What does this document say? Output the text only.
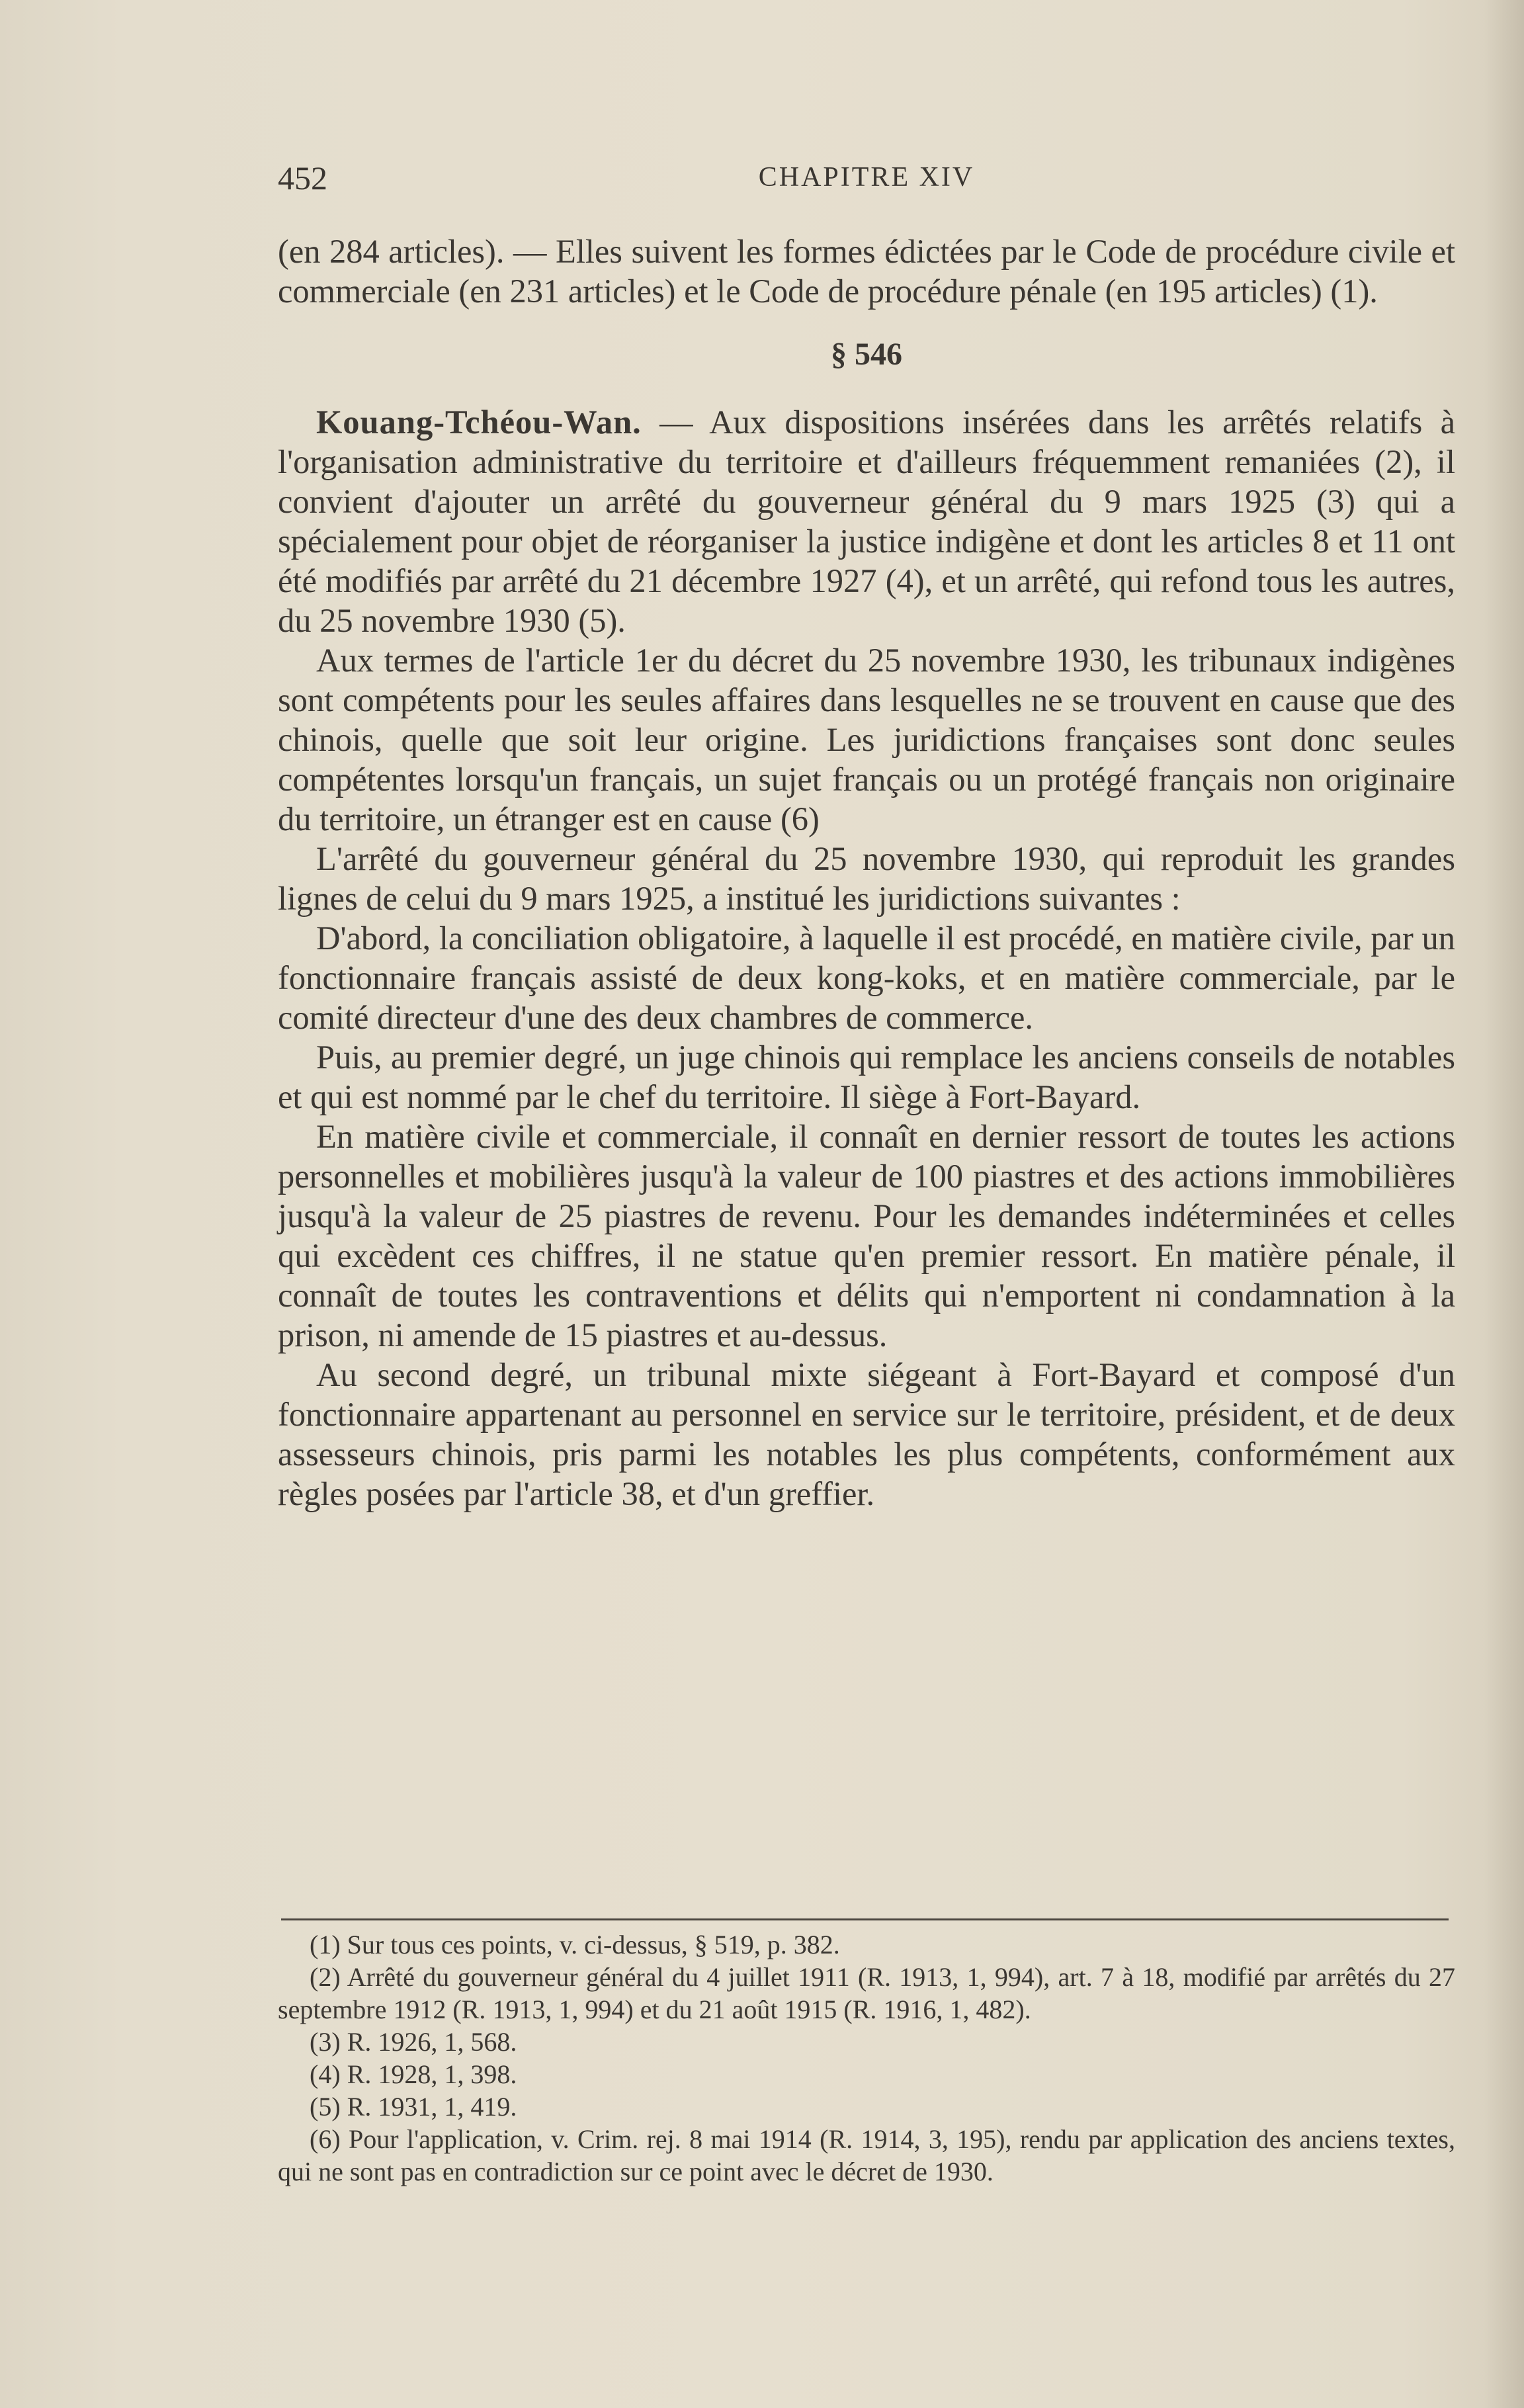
452	CHAPITRE XIV

(en 284 articles). — Elles suivent les formes édictées par le Code de procédure civile et commerciale (en 231 articles) et le Code de procédure pénale (en 195 articles) (1).

§ 546

Kouang-Tchéou-Wan. — Aux dispositions insérées dans les arrêtés relatifs à l'organisation administrative du territoire et d'ailleurs fréquemment remaniées (2), il convient d'ajouter un arrêté du gouverneur général du 9 mars 1925 (3) qui a spécialement pour objet de réorganiser la justice indigène et dont les articles 8 et 11 ont été modifiés par arrêté du 21 décembre 1927 (4), et un arrêté, qui refond tous les autres, du 25 novembre 1930 (5).

Aux termes de l'article 1er du décret du 25 novembre 1930, les tribunaux indigènes sont compétents pour les seules affaires dans lesquelles ne se trouvent en cause que des chinois, quelle que soit leur origine. Les juridictions françaises sont donc seules compétentes lorsqu'un français, un sujet français ou un protégé français non originaire du territoire, un étranger est en cause (6)

L'arrêté du gouverneur général du 25 novembre 1930, qui reproduit les grandes lignes de celui du 9 mars 1925, a institué les juridictions suivantes :

D'abord, la conciliation obligatoire, à laquelle il est procédé, en matière civile, par un fonctionnaire français assisté de deux kong-koks, et en matière commerciale, par le comité directeur d'une des deux chambres de commerce.

Puis, au premier degré, un juge chinois qui remplace les anciens conseils de notables et qui est nommé par le chef du territoire. Il siège à Fort-Bayard.

En matière civile et commerciale, il connaît en dernier ressort de toutes les actions personnelles et mobilières jusqu'à la valeur de 100 piastres et des actions immobilières jusqu'à la valeur de 25 piastres de revenu. Pour les demandes indéterminées et celles qui excèdent ces chiffres, il ne statue qu'en premier ressort. En matière pénale, il connaît de toutes les contraventions et délits qui n'emportent ni condamnation à la prison, ni amende de 15 piastres et au-dessus.

Au second degré, un tribunal mixte siégeant à Fort-Bayard et composé d'un fonctionnaire appartenant au personnel en service sur le territoire, président, et de deux assesseurs chinois, pris parmi les notables les plus compétents, conformément aux règles posées par l'article 38, et d'un greffier.

(1) Sur tous ces points, v. ci-dessus, § 519, p. 382.

(2) Arrêté du gouverneur général du 4 juillet 1911 (R. 1913, 1, 994), art. 7 à 18, modifié par arrêtés du 27 septembre 1912 (R. 1913, 1, 994) et du 21 août 1915 (R. 1916, 1, 482).

(3) R. 1926, 1, 568.

(4) R. 1928, 1, 398.

(5) R. 1931, 1, 419.

(6) Pour l'application, v. Crim. rej. 8 mai 1914 (R. 1914, 3, 195), rendu par application des anciens textes, qui ne sont pas en contradiction sur ce point avec le décret de 1930.
